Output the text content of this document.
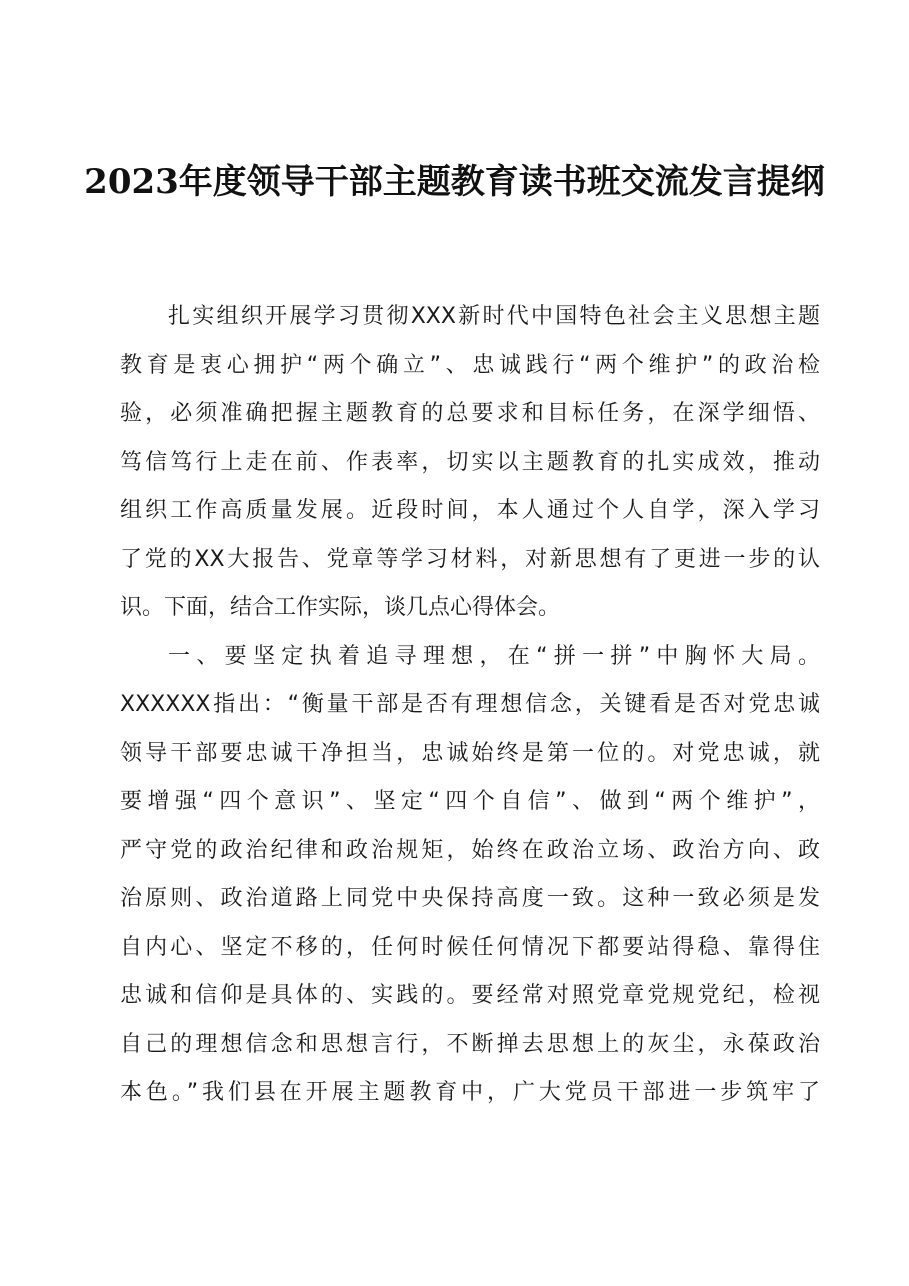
2023年度领导干部主题教育读书班交流发言提纲
扎实组织开展学习贯彻XXX新时代中国特色社会主义思想主题
教育是衷心拥护“两个确立”、忠诚践行“两个维护”的政治检
验，必须准确把握主题教育的总要求和目标任务，在深学细悟、
笃信笃行上走在前、作表率，切实以主题教育的扎实成效，推动
组织工作高质量发展。近段时间，本人通过个人自学，深入学习
了党的XX大报告、党章等学习材料，对新思想有了更进一步的认
识。下面，结合工作实际，谈几点心得体会。
一、要坚定执着追寻理想，在“拼一拼”中胸怀大局。
XXXXXX指出：“衡量干部是否有理想信念，关键看是否对党忠诚
领导干部要忠诚干净担当，忠诚始终是第一位的。对党忠诚，就
要增强“四个意识”、坚定“四个自信”、做到“两个维护”，
严守党的政治纪律和政治规矩，始终在政治立场、政治方向、政
治原则、政治道路上同党中央保持高度一致。这种一致必须是发
自内心、坚定不移的，任何时候任何情况下都要站得稳、靠得住
忠诚和信仰是具体的、实践的。要经常对照党章党规党纪，检视
自己的理想信念和思想言行，不断掸去思想上的灰尘，永葆政治
本色。”我们县在开展主题教育中，广大党员干部进一步筑牢了
